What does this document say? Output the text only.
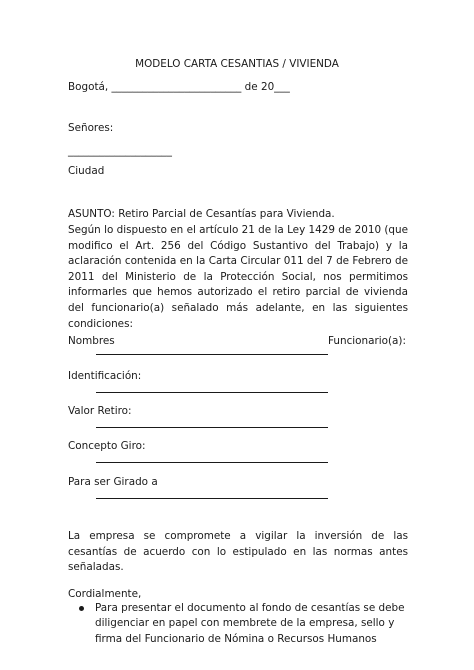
MODELO CARTA CESANTIAS / VIVIENDA
Bogotá, _________________________ de 20___
Señores:
____________________
Ciudad
ASUNTO: Retiro Parcial de Cesantías para Vivienda.
Según lo dispuesto en el artículo 21 de la Ley 1429 de 2010 (que modifico el Art. 256 del Código Sustantivo del Trabajo) y la aclaración contenida en la Carta Circular 011 del 7 de Febrero de 2011 del Ministerio de la Protección Social, nos permitimos informarles que hemos autorizado el retiro parcial de vivienda del funcionario(a) señalado más adelante, en las siguientes condiciones:
Nombres	Funcionario(a):
Identificación:
Valor Retiro:
Concepto Giro:
Para ser Girado a
La empresa se compromete a vigilar la inversión de las cesantías de acuerdo con lo estipulado en las normas antes señaladas.
Cordialmente,
Para presentar el documento al fondo de cesantías se debe diligenciar en papel con membrete de la empresa, sello y firma del Funcionario de Nómina o Recursos Humanos
